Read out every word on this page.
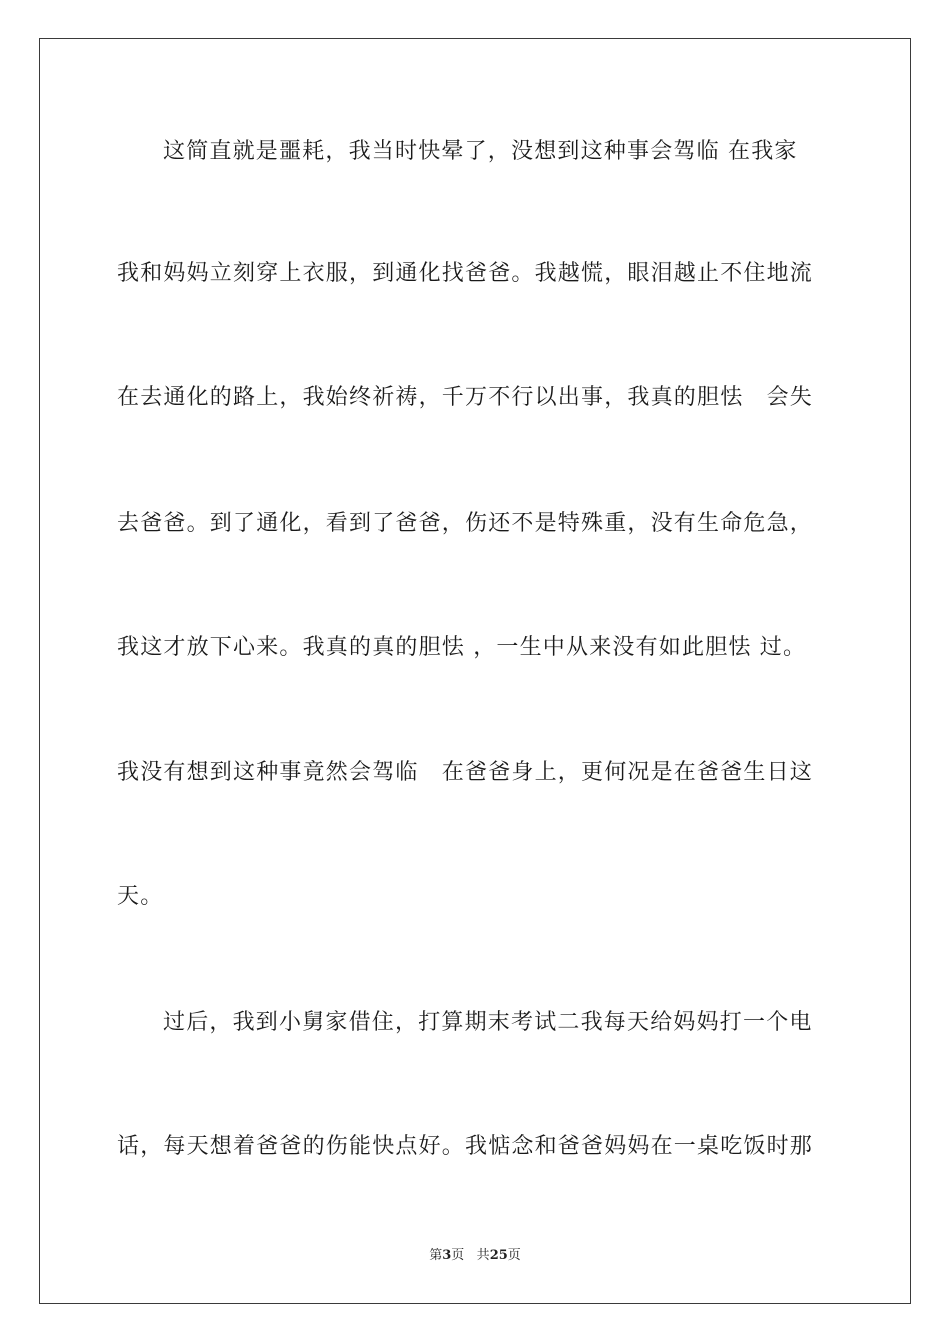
这简直就是噩耗，我当时快晕了，没想到这种事会驾临 在我家
我和妈妈立刻穿上衣服，到通化找爸爸。我越慌，眼泪越止不住地流
在去通化的路上，我始终祈祷，千万不行以出事，我真的胆怯　会失
去爸爸。到了通化，看到了爸爸，伤还不是特殊重，没有生命危急，
我这才放下心来。我真的真的胆怯 ，一生中从来没有如此胆怯 过。
我没有想到这种事竟然会驾临　在爸爸身上，更何况是在爸爸生日这
天。
过后，我到小舅家借住，打算期末考试二我每天给妈妈打一个电
话，每天想着爸爸的伤能快点好。我惦念和爸爸妈妈在一桌吃饭时那
第3页 共25页
